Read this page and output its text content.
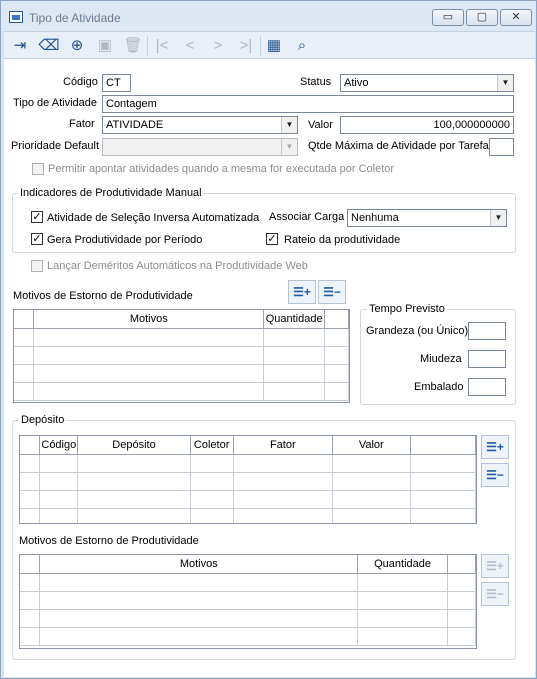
Tipo de Atividade	▭	▢	✕
⇥ ⌫ ⊕ ▣ 🗑 |<	<	>	>| ▦	⌕
Código CT	Status	Ativo	▼
Tipo de Atividade Contagem
Fator	ATIVIDADE	▼	Valor	100,000000000
Prioridade Default	▼	Qtde Máxima de Atividade por Tarefa
Permitir apontar atividades quando a mesma for executada por Coletor
Indicadores de Produtividade Manual
✓ Atividade de Seleção Inversa Automatizada Associar Carga Nenhuma	▼
✓ Gera Produtividade por Período	✓ Rateio da produtividade
Lançar Deméritos Automáticos na Produtividade Web
Motivos de Estorno de Produtividade	☰+	☰−
	Motivos	Quantidade	

Tempo Previsto
Grandeza (ou Único)
Miudeza
Embalado
Depósito
	Código	Depósito	Coletor	Fator	Valor	

							☰+
☰−
Motivos de Estorno de Produtividade
	Motivos	Quantidade	

				☰+
☰−
